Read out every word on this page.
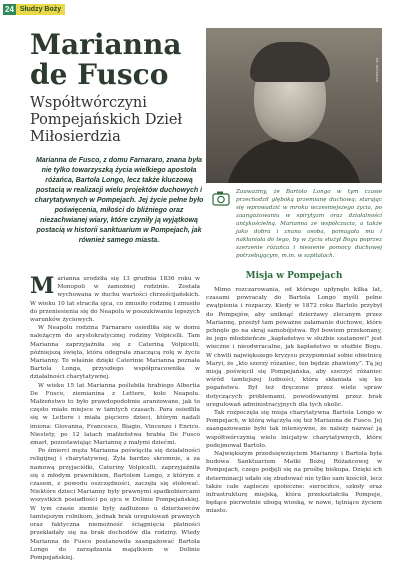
24 Słudzy Boży
Marianna de Fusco
Współtwórczyni Pompejańskich Dzieł Miłosierdzia
Marianna de Fusco, z domu Farnararo, znana była nie tylko towarzyszką życia wielkiego apostoła różańca, Bartola Longo, lecz także kluczową postacią w realizacji wielu projektów duchowych i charytatywnych w Pompejach. Jej życie pełne było poświęcenia, miłości do bliźniego oraz niezachwianej wiary, które czyniły ją wyjątkową postacią w historii sanktuarium w Pompejach, jak również samego miasta.
fot. archiwum
Zauważmy, że Bartolo Longo w tym czasie przechodził głęboką przemianę duchową: starając się wprowadzić w mroku wczesniejszego życia, po zaangażowaniu w spirytyzm oraz działalności antykościelną. Marianna ze współczucia, a także jako dobra i znana osoba, pomagała mu i nakłaniała do tego, by w życiu służył Bogu poprzez szerzenie różańca i niesienie pomocy duchowej potrzebującym, m.in. w szpitalach.
M arianna urodziła się 13 grudnia 1836 roku w Monopoli w zamożnej rodzinie. Została wychowana w duchu wartości chrześcijańskich. W wieku 10 lat straciła ojca, co zmusiło rodzinę i zmusiło do przeniesienia się do Neapolu w poszukiwaniu lepszych warunków życiowych.

W Neapolu rodzina Farnararo osiedliła się w domu należącym do arystokratycznej rodziny Volpicelli. Tam Marianna zaprzyjaźniła się z Cateriną Volpicelli, późniejszą święta, która odegrała znaczącą rolę w życiu Marianny. To właśnie dzięki Caterinie Marianna poznała Bartola Longa, przyszłego współpracownika w działalności charytatywnej.

W wieku 15 lat Marianna poślubiła hrabiego Albertia De Fusco, ziemianina z Lettere, koło Neapolu. Małżeństwo to było prawdopodobnie aranżowane, jak to często miało miejsce w tamtych czasach. Para osiedliła się w Lettere i miała pięcioro dzieci, którym nadali imiona: Giovanna, Francesco, Biagio, Vincenzo i Enrico. Niestety, po 12 latach małżeństwa hrabia De Fusco zmarł, pozostawiając Mariannę z małymi dziećmi.

Po śmierci męża Marianna poświęciła się działalności religijnej i charytatywnej. Żyła bardzo skromnie, a za namową przyjaciółki, Cateriny Volpicelli, zaprzyjaźniła się z młodym prawnikiem, Bartolem Longo, z którym z czasem, z powodu oszczędności, zaczęła się stołować. Niektóre dzieci Marianny były prawnymi spadkobiercami wszystkich posiadłości po ojcu w Dolinie Pompejańskiej. W tym czasie ziemie były zadłużone u dzierżawców tamtejszym rolnikom, jednak brak uregulowań prawnych oraz faktyczna niemożność ściągnięcia płatności przekładały się na brak dochodów dla rodziny. Wtedy Marianna de Fusco postanowiła zaangażować Bartola Longo do zarządzania majątkiem w Dolinie Pompejańskiej.

Misja w Pompejach

Mimo rozczarowania, od którego upłynęło kilka lat, czasami powracały do Bartola Longo myśli pełne zwątpienia i rozpaczy. Kiedy w 1872 roku Bartolo przybył do Pompejów, aby uniknąć dzierżawy zlecanym przez Mariannę, przeżył tam poważne załamanie duchowe, które pchnęło go na skraj samobójstwa. Był bowiem przekonany, że jego młodzieńcze „kapłaństwo w służbie szatanowi” jest wieczne i nieodwracalne, jak kapłaństwo w służbie Bogu. W chwili największego kryzysu przypomniał sobie obietnicę Maryi, że „kto szerzy różaniec, ten będzie zbawiony”. Tą jej misją poświęcił się Pompejańska, aby szerzyć różaniec wśród tamtejszej ludności, która skłaniała się ku pogaństwu. Był też dręczone przez wiele spraw dotyczących problemami, powodowanymi przez brak uregulowań administracyjnych dla tych okolic.

Tak rozpoczęła się misja charytatywna Bartola Longo w Pompejach, w którą włączyła się też Marianna de Fusco. Jej zaangażowanie było tak intensywne, że należy nazwać ją współtwórczynią wielu inicjatyw charytatywnych, które podejmował Bartolo.

Największym przedsięwzięciem Marianny i Bartola była budowa Sanktuarium Matki Bożej Różańcowej w Pompejach, czego podjęli się na prośbę biskupa. Dzięki ich determinacji udało się zbudować nie tylko sam kościół, lecz także całe zaplecze społeczne: sierocińce, szkoły oraz infrastrukturę miejską, która przekształciła Pompeje, będące pierwotnie ubogą wioską, w nowe, tętniące życiem miasto.
